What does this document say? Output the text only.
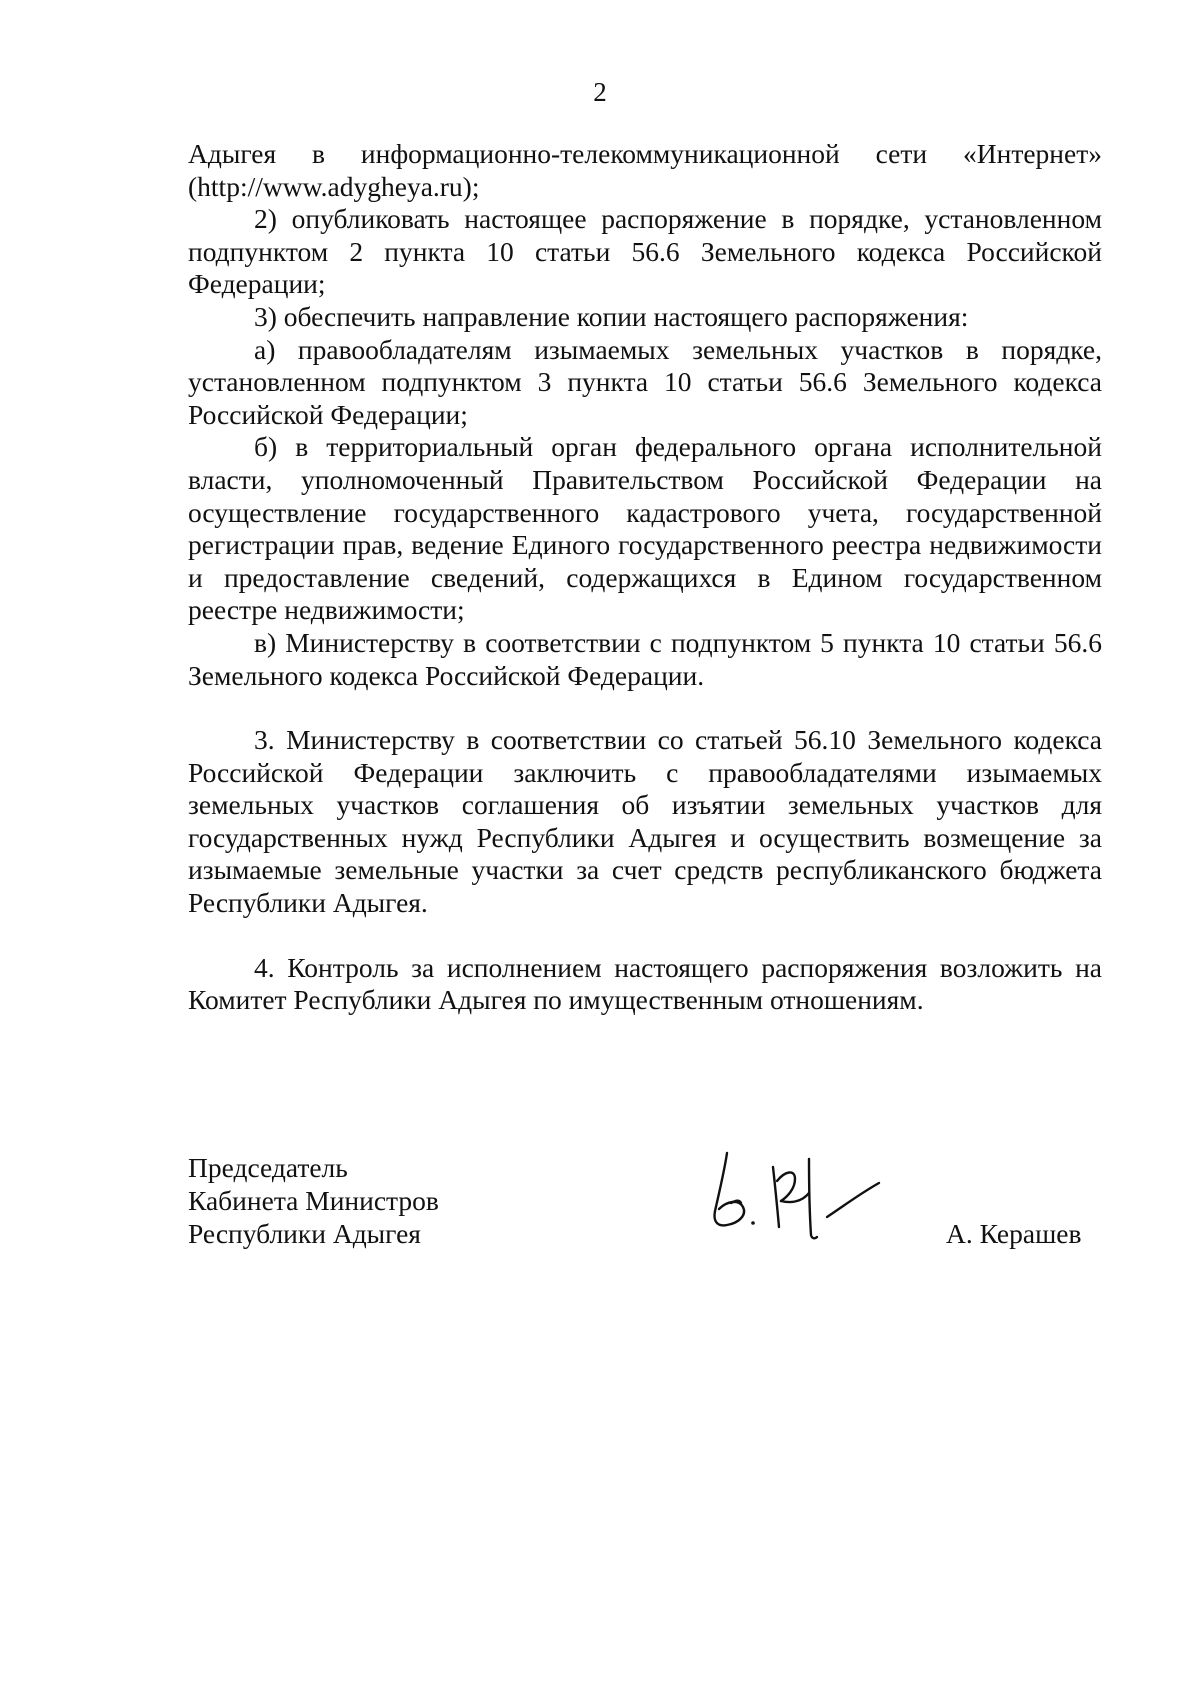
2

Адыгея в информационно-телекоммуникационной сети «Интернет» (http://www.adygheya.ru);

2) опубликовать настоящее распоряжение в порядке, установленном подпунктом 2 пункта 10 статьи 56.6 Земельного кодекса Российской Федерации;

3) обеспечить направление копии настоящего распоряжения:

а) правообладателям изымаемых земельных участков в порядке, установленном подпунктом 3 пункта 10 статьи 56.6 Земельного кодекса Российской Федерации;

б) в территориальный орган федерального органа исполнительной власти, уполномоченный Правительством Российской Федерации на осуществление государственного кадастрового учета, государственной регистрации прав, ведение Единого государственного реестра недвижимости и предоставление сведений, содержащихся в Едином государственном реестре недвижимости;

в) Министерству в соответствии с подпунктом 5 пункта 10 статьи 56.6 Земельного кодекса Российской Федерации.

3. Министерству в соответствии со статьей 56.10 Земельного кодекса Российской Федерации заключить с правообладателями изымаемых земельных участков соглашения об изъятии земельных участков для государственных нужд Республики Адыгея и осуществить возмещение за изымаемые земельные участки за счет средств республиканского бюджета Республики Адыгея.

4. Контроль за исполнением настоящего распоряжения возложить на Комитет Республики Адыгея по имущественным отношениям.

Председатель
Кабинета Министров
Республики Адыгея	А. Керашев
